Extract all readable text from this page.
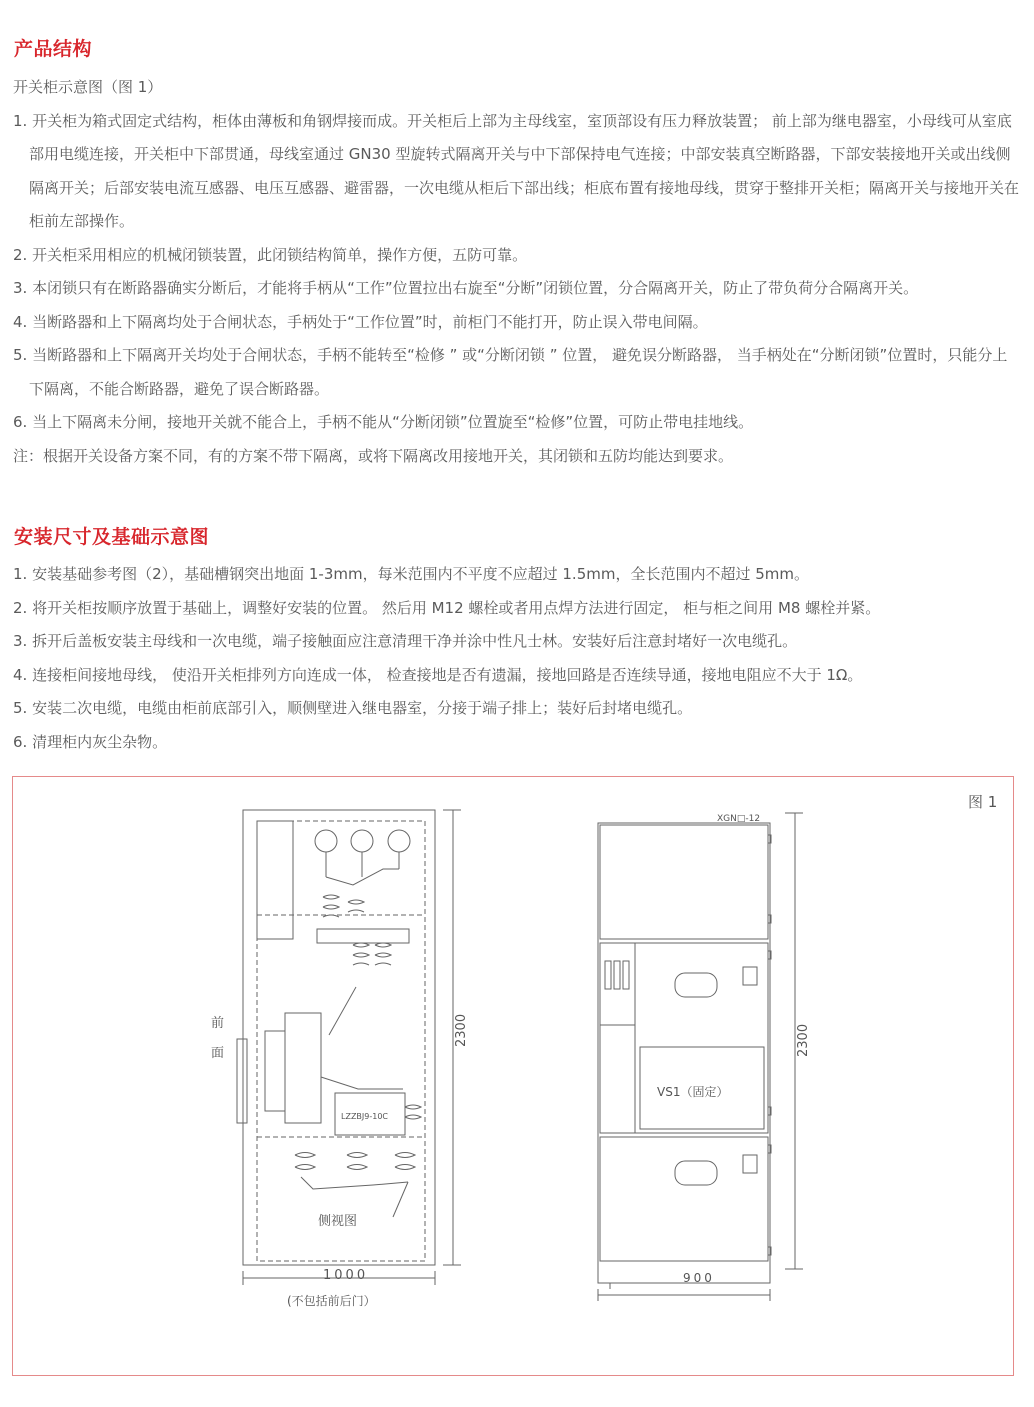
产品结构

开关柜示意图（图 1）

1. 开关柜为箱式固定式结构，柜体由薄板和角钢焊接而成。开关柜后上部为主母线室，室顶部设有压力释放装置； 前上部为继电器室，小母线可从室底部用电缆连接，开关柜中下部贯通，母线室通过 GN30 型旋转式隔离开关与中下部保持电气连接；中部安装真空断路器，下部安装接地开关或出线侧隔离开关；后部安装电流互感器、电压互感器、避雷器，一次电缆从柜后下部出线；柜底布置有接地母线，贯穿于整排开关柜；隔离开关与接地开关在柜前左部操作。

2. 开关柜采用相应的机械闭锁装置，此闭锁结构简单，操作方便，五防可靠。

3. 本闭锁只有在断路器确实分断后，才能将手柄从“工作”位置拉出右旋至“分断”闭锁位置，分合隔离开关，防止了带负荷分合隔离开关。

4. 当断路器和上下隔离均处于合闸状态，手柄处于“工作位置”时，前柜门不能打开，防止误入带电间隔。

5. 当断路器和上下隔离开关均处于合闸状态，手柄不能转至“检修 ” 或“分断闭锁 ” 位置， 避免误分断路器， 当手柄处在“分断闭锁”位置时，只能分上下隔离，不能合断路器，避免了误合断路器。

6. 当上下隔离未分闸，接地开关就不能合上，手柄不能从“分断闭锁”位置旋至“检修”位置，可防止带电挂地线。

注：根据开关设备方案不同，有的方案不带下隔离，或将下隔离改用接地开关，其闭锁和五防均能达到要求。

安装尺寸及基础示意图

1. 安装基础参考图（2），基础槽钢突出地面 1-3mm，每米范围内不平度不应超过 1.5mm，全长范围内不超过 5mm。

2. 将开关柜按顺序放置于基础上，调整好安装的位置。 然后用 M12 螺栓或者用点焊方法进行固定， 柜与柜之间用 M8 螺栓并紧。

3. 拆开后盖板安装主母线和一次电缆，端子接触面应注意清理干净并涂中性凡士林。安装好后注意封堵好一次电缆孔。

4. 连接柜间接地母线， 使沿开关柜排列方向连成一体， 检查接地是否有遗漏，接地回路是否连续导通，接地电阻应不大于 1Ω。

5. 安装二次电缆，电缆由柜前底部引入，顺侧壁进入继电器室，分接于端子排上；装好后封堵电缆孔。

6. 清理柜内灰尘杂物。

图 1
前面
2300
1000
(不包括前后门）
侧视图
LZZBJ9-10C
XGN□-12
2300
900
VS1（固定）
